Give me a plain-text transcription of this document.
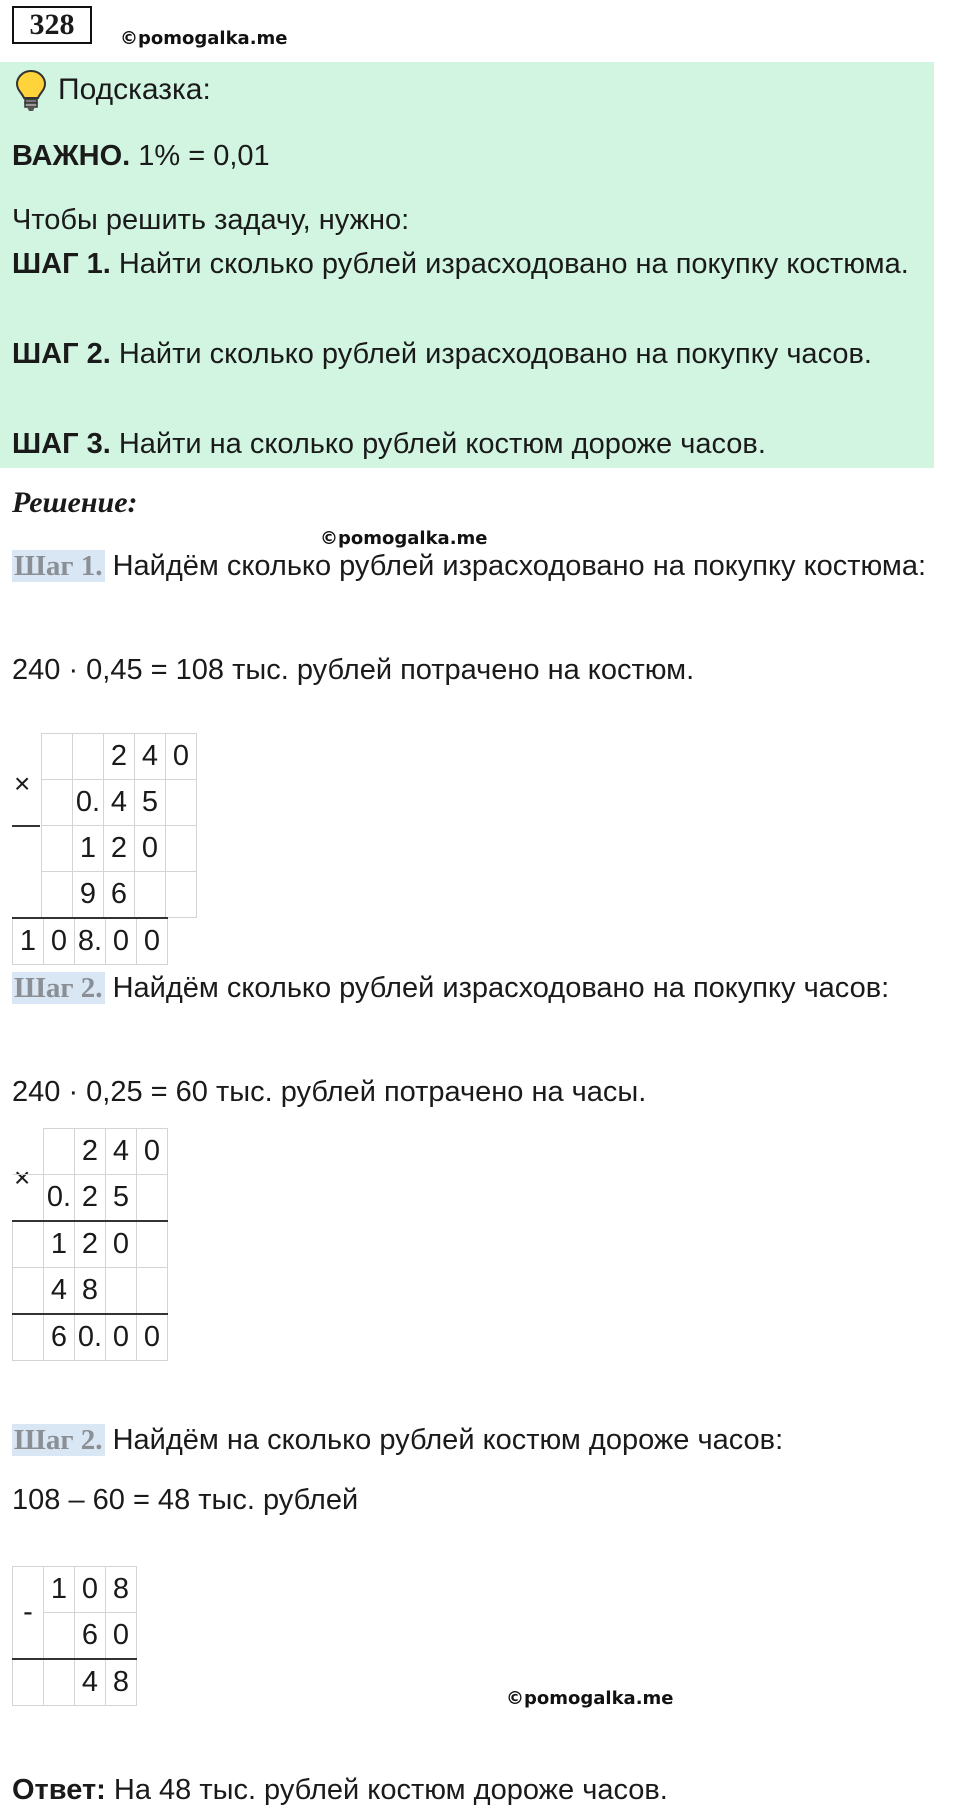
328	©pomogalka.me
Подсказка:
ВАЖНО. 1% = 0,01
Чтобы решить задачу, нужно:
ШАГ 1. Найти сколько рублей израсходовано на покупку костюма.
ШАГ 2. Найти сколько рублей израсходовано на покупку часов.
ШАГ 3. Найти на сколько рублей костюм дороже часов.
Решение:
©pomogalka.me
Шаг 1. Найдём сколько рублей израсходовано на покупку костюма:
240 · 0,45 = 108 тыс. рублей потрачено на костюм.
×
		2	4	0
	0.	4	5	
	1	2	0	
	9	6		
1	0	8.	0	0
Шаг 2. Найдём сколько рублей израсходовано на покупку часов:
240 · 0,25 = 60 тыс. рублей потрачено на часы.
×
		2	4	0
	0.	2	5	
	1	2	0	
	4	8		
	6	0.	0	0
Шаг 2. Найдём на сколько рублей костюм дороже часов:
108 – 60 = 48 тыс. рублей
-	1	0	8
		6	0
		4	8
©pomogalka.me
Ответ: На 48 тыс. рублей костюм дороже часов.
